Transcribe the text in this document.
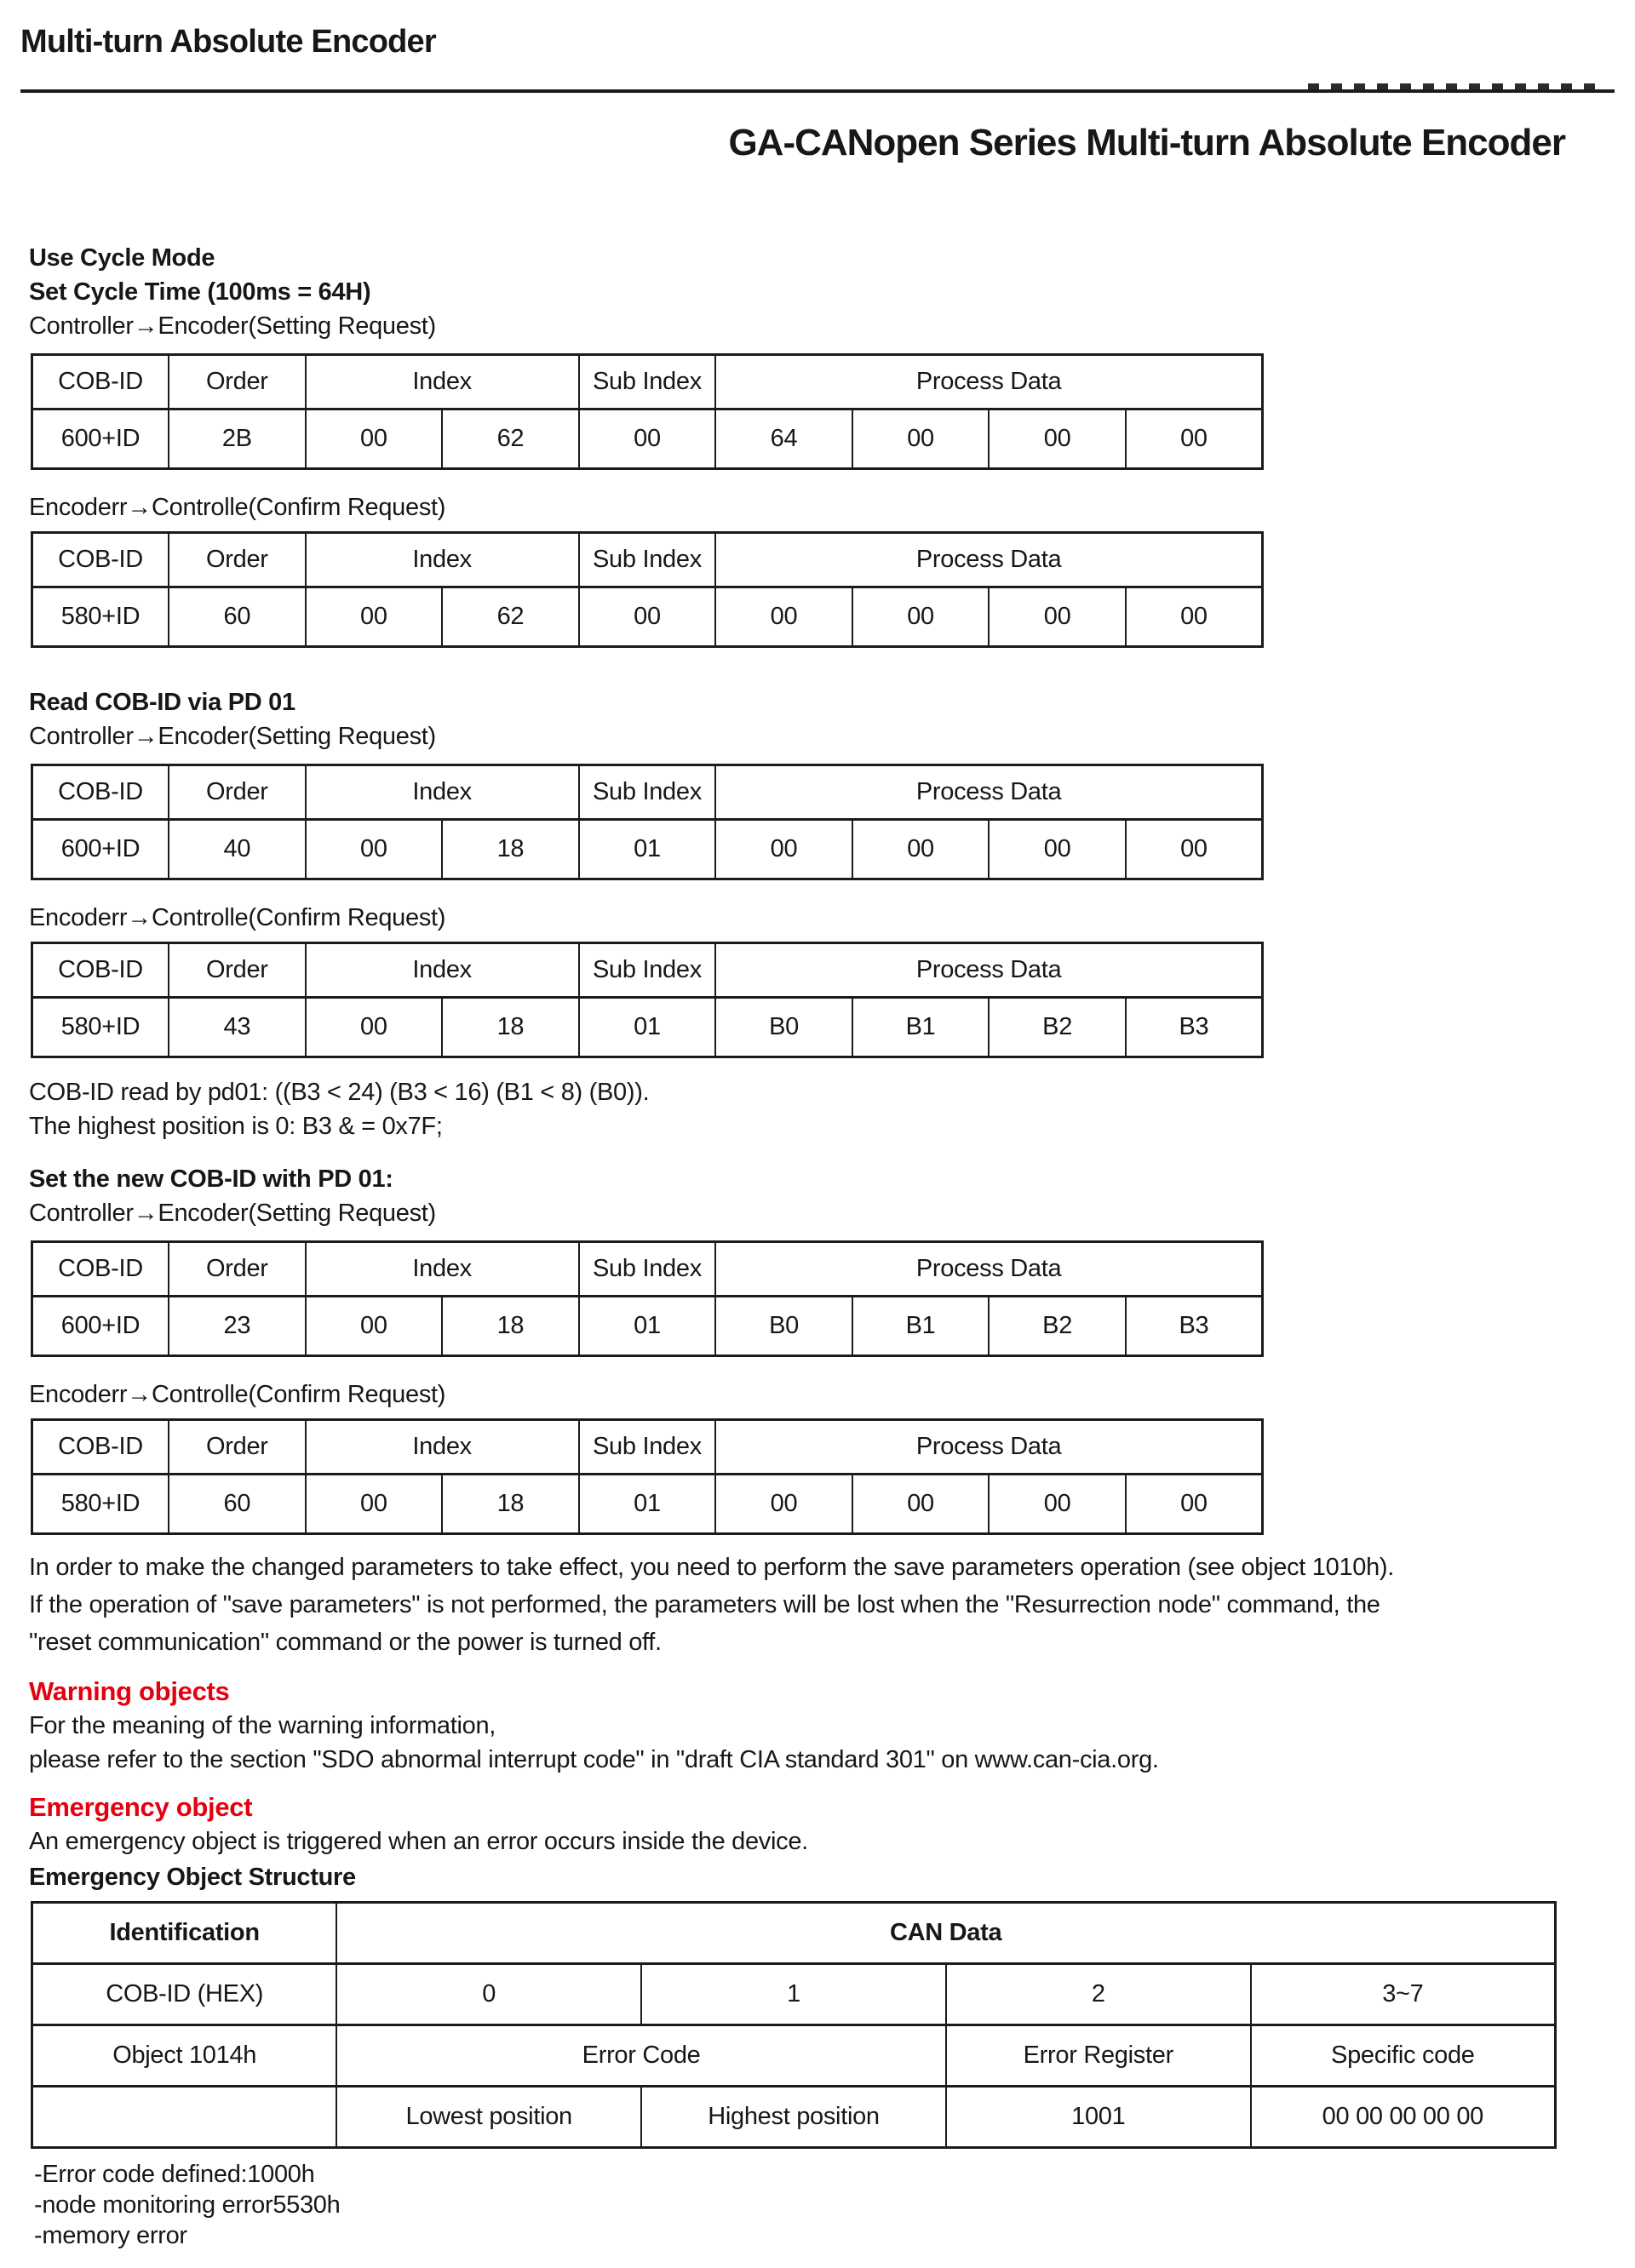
Multi-turn Absolute Encoder
GA-CANopen Series Multi-turn Absolute Encoder
Use Cycle Mode
Set Cycle Time (100ms = 64H)
Controller→Encoder(Setting Request)
COB-ID	Order	Index		Sub Index	Process Data			
600+ID	2B	00	62	00	64	00	00	00
Encoderr→Controlle(Confirm Request)
COB-ID	Order	Index		Sub Index	Process Data			
580+ID	60	00	62	00	00	00	00	00
Read COB-ID via PD 01
Controller→Encoder(Setting Request)
COB-ID	Order	Index		Sub Index	Process Data			
600+ID	40	00	18	01	00	00	00	00
Encoderr→Controlle(Confirm Request)
COB-ID	Order	Index		Sub Index	Process Data			
580+ID	43	00	18	01	B0	B1	B2	B3
COB-ID read by pd01: ((B3 < 24) (B3 < 16) (B1 < 8) (B0)).
The highest position is 0: B3 & = 0x7F;
Set the new COB-ID with PD 01:
Controller→Encoder(Setting Request)
COB-ID	Order	Index		Sub Index	Process Data			
600+ID	23	00	18	01	B0	B1	B2	B3
Encoderr→Controlle(Confirm Request)
COB-ID	Order	Index		Sub Index	Process Data			
580+ID	60	00	18	01	00	00	00	00
In order to make the changed parameters to take effect, you need to perform the save parameters operation (see object 1010h).
If the operation of "save parameters" is not performed, the parameters will be lost when the "Resurrection node" command, the
"reset communication" command or the power is turned off.
Warning objects
For the meaning of the warning information,
please refer to the section "SDO abnormal interrupt code" in "draft CIA standard 301" on www.can-cia.org.
Emergency object
An emergency object is triggered when an error occurs inside the device.
Emergency Object Structure
Identification	CAN Data			
COB-ID (HEX)	0	1	2	3~7
Object 1014h	Error Code		Error Register	Specific code
	Lowest position	Highest position	1001	00 00 00 00 00
-Error code defined:1000h
-node monitoring error5530h
-memory error
